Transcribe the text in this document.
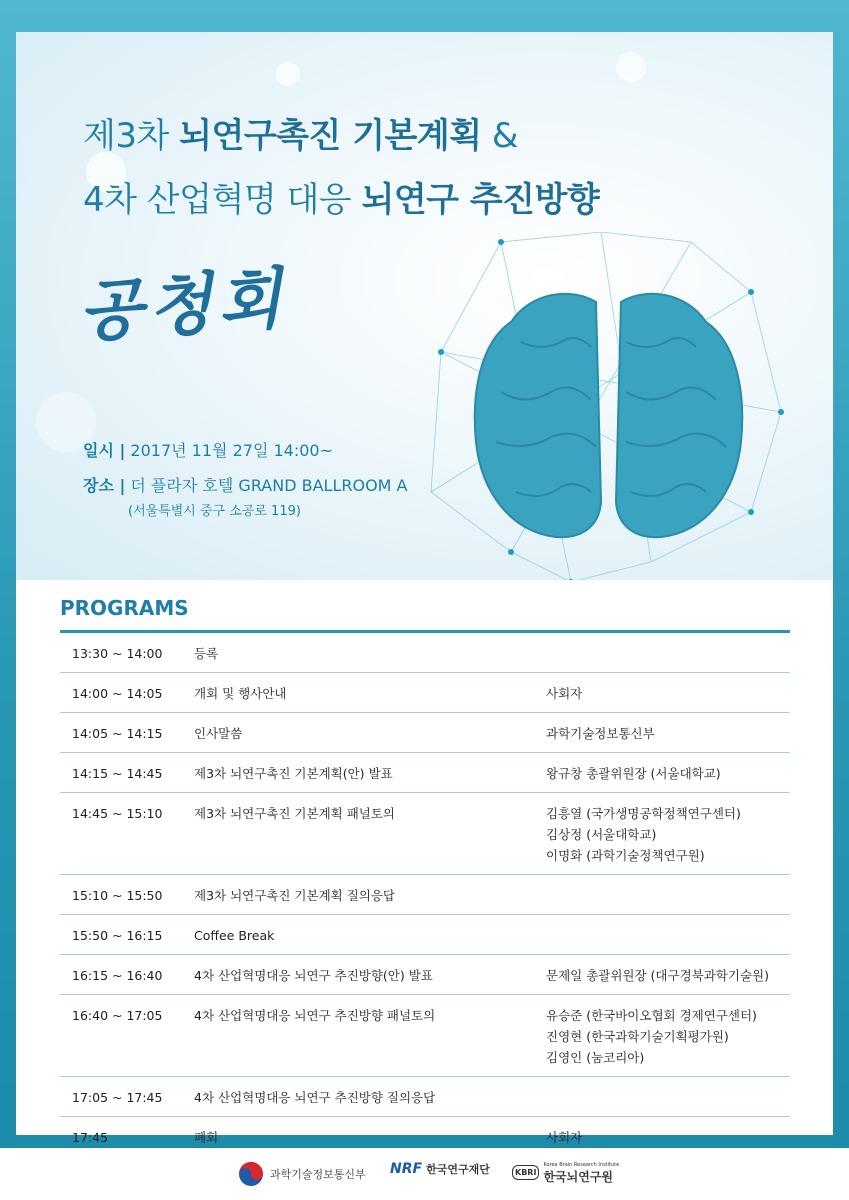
제3차 뇌연구촉진 기본계획 &
4차 산업혁명 대응 뇌연구 추진방향
공청회
일시 | 2017년 11월 27일 14:00~
장소 | 더 플라자 호텔 GRAND BALLROOM A
(서울특별시 중구 소공로 119)
PROGRAMS
13:30 ~ 14:00	등록	
14:00 ~ 14:05	개회 및 행사안내	사회자

14:05 ~ 14:15	인사말씀	과학기술정보통신부

14:15 ~ 14:45	제3차 뇌연구촉진 기본계획(안) 발표	왕규창 총괄위원장 (서울대학교)

14:45 ~ 15:10	제3차 뇌연구촉진 기본계획 패널토의	김흥열 (국가생명공학정책연구센터)
김상정 (서울대학교)
이명화 (과학기술정책연구원)

15:10 ~ 15:50	제3차 뇌연구촉진 기본계획 질의응답	
15:50 ~ 16:15	Coffee Break	
16:15 ~ 16:40	4차 산업혁명대응 뇌연구 추진방향(안) 발표	문제일 총괄위원장 (대구경북과학기술원)

16:40 ~ 17:05	4차 산업혁명대응 뇌연구 추진방향 패널토의	유승준 (한국바이오협회 경제연구센터)
진영현 (한국과학기술기획평가원)
김영인 (눔코리아)

17:05 ~ 17:45	4차 산업혁명대응 뇌연구 추진방향 질의응답	
17:45	폐회	사회자
과학기술정보통신부 NRF 한국연구재단	KBRI
Korea Brain Research Institute
한국뇌연구원
